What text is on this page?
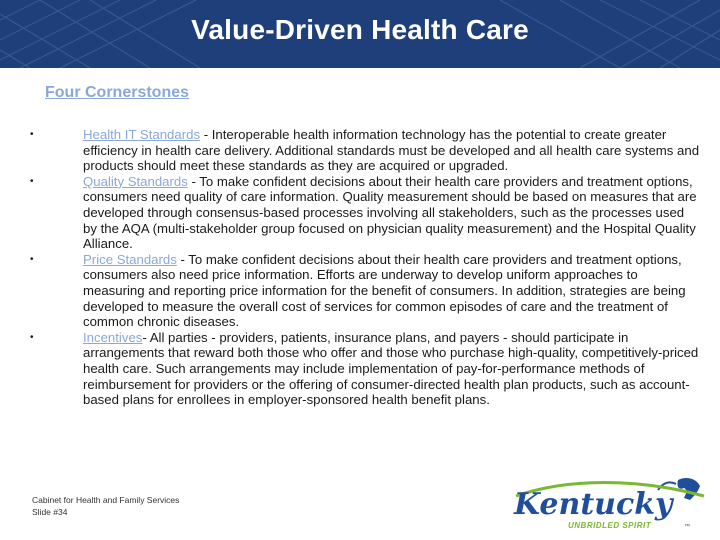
Value-Driven Health Care
Four Cornerstones
•	Health IT Standards - Interoperable health information technology has the potential to create greater efficiency in health care delivery. Additional standards must be developed and all health care systems and products should meet these standards as they are acquired or upgraded.
•	Quality Standards - To make confident decisions about their health care providers and treatment options, consumers need quality of care information. Quality measurement should be based on measures that are developed through consensus-based processes involving all stakeholders, such as the processes used by the AQA (multi-stakeholder group focused on physician quality measurement) and the Hospital Quality Alliance.
•	Price Standards - To make confident decisions about their health care providers and treatment options, consumers also need price information. Efforts are underway to develop uniform approaches to measuring and reporting price information for the benefit of consumers. In addition, strategies are being developed to measure the overall cost of services for common episodes of care and the treatment of common chronic diseases.
•	Incentives- All parties - providers, patients, insurance plans, and payers - should participate in arrangements that reward both those who offer and those who purchase high-quality, competitively-priced health care. Such arrangements may include implementation of pay-for-performance methods of reimbursement for providers or the offering of consumer-directed health plan products, such as account-based plans for enrollees in employer-sponsored health benefit plans.
Cabinet for Health and Family Services
Slide #34	Kentucky
UNBRIDLED SPIRIT	™
